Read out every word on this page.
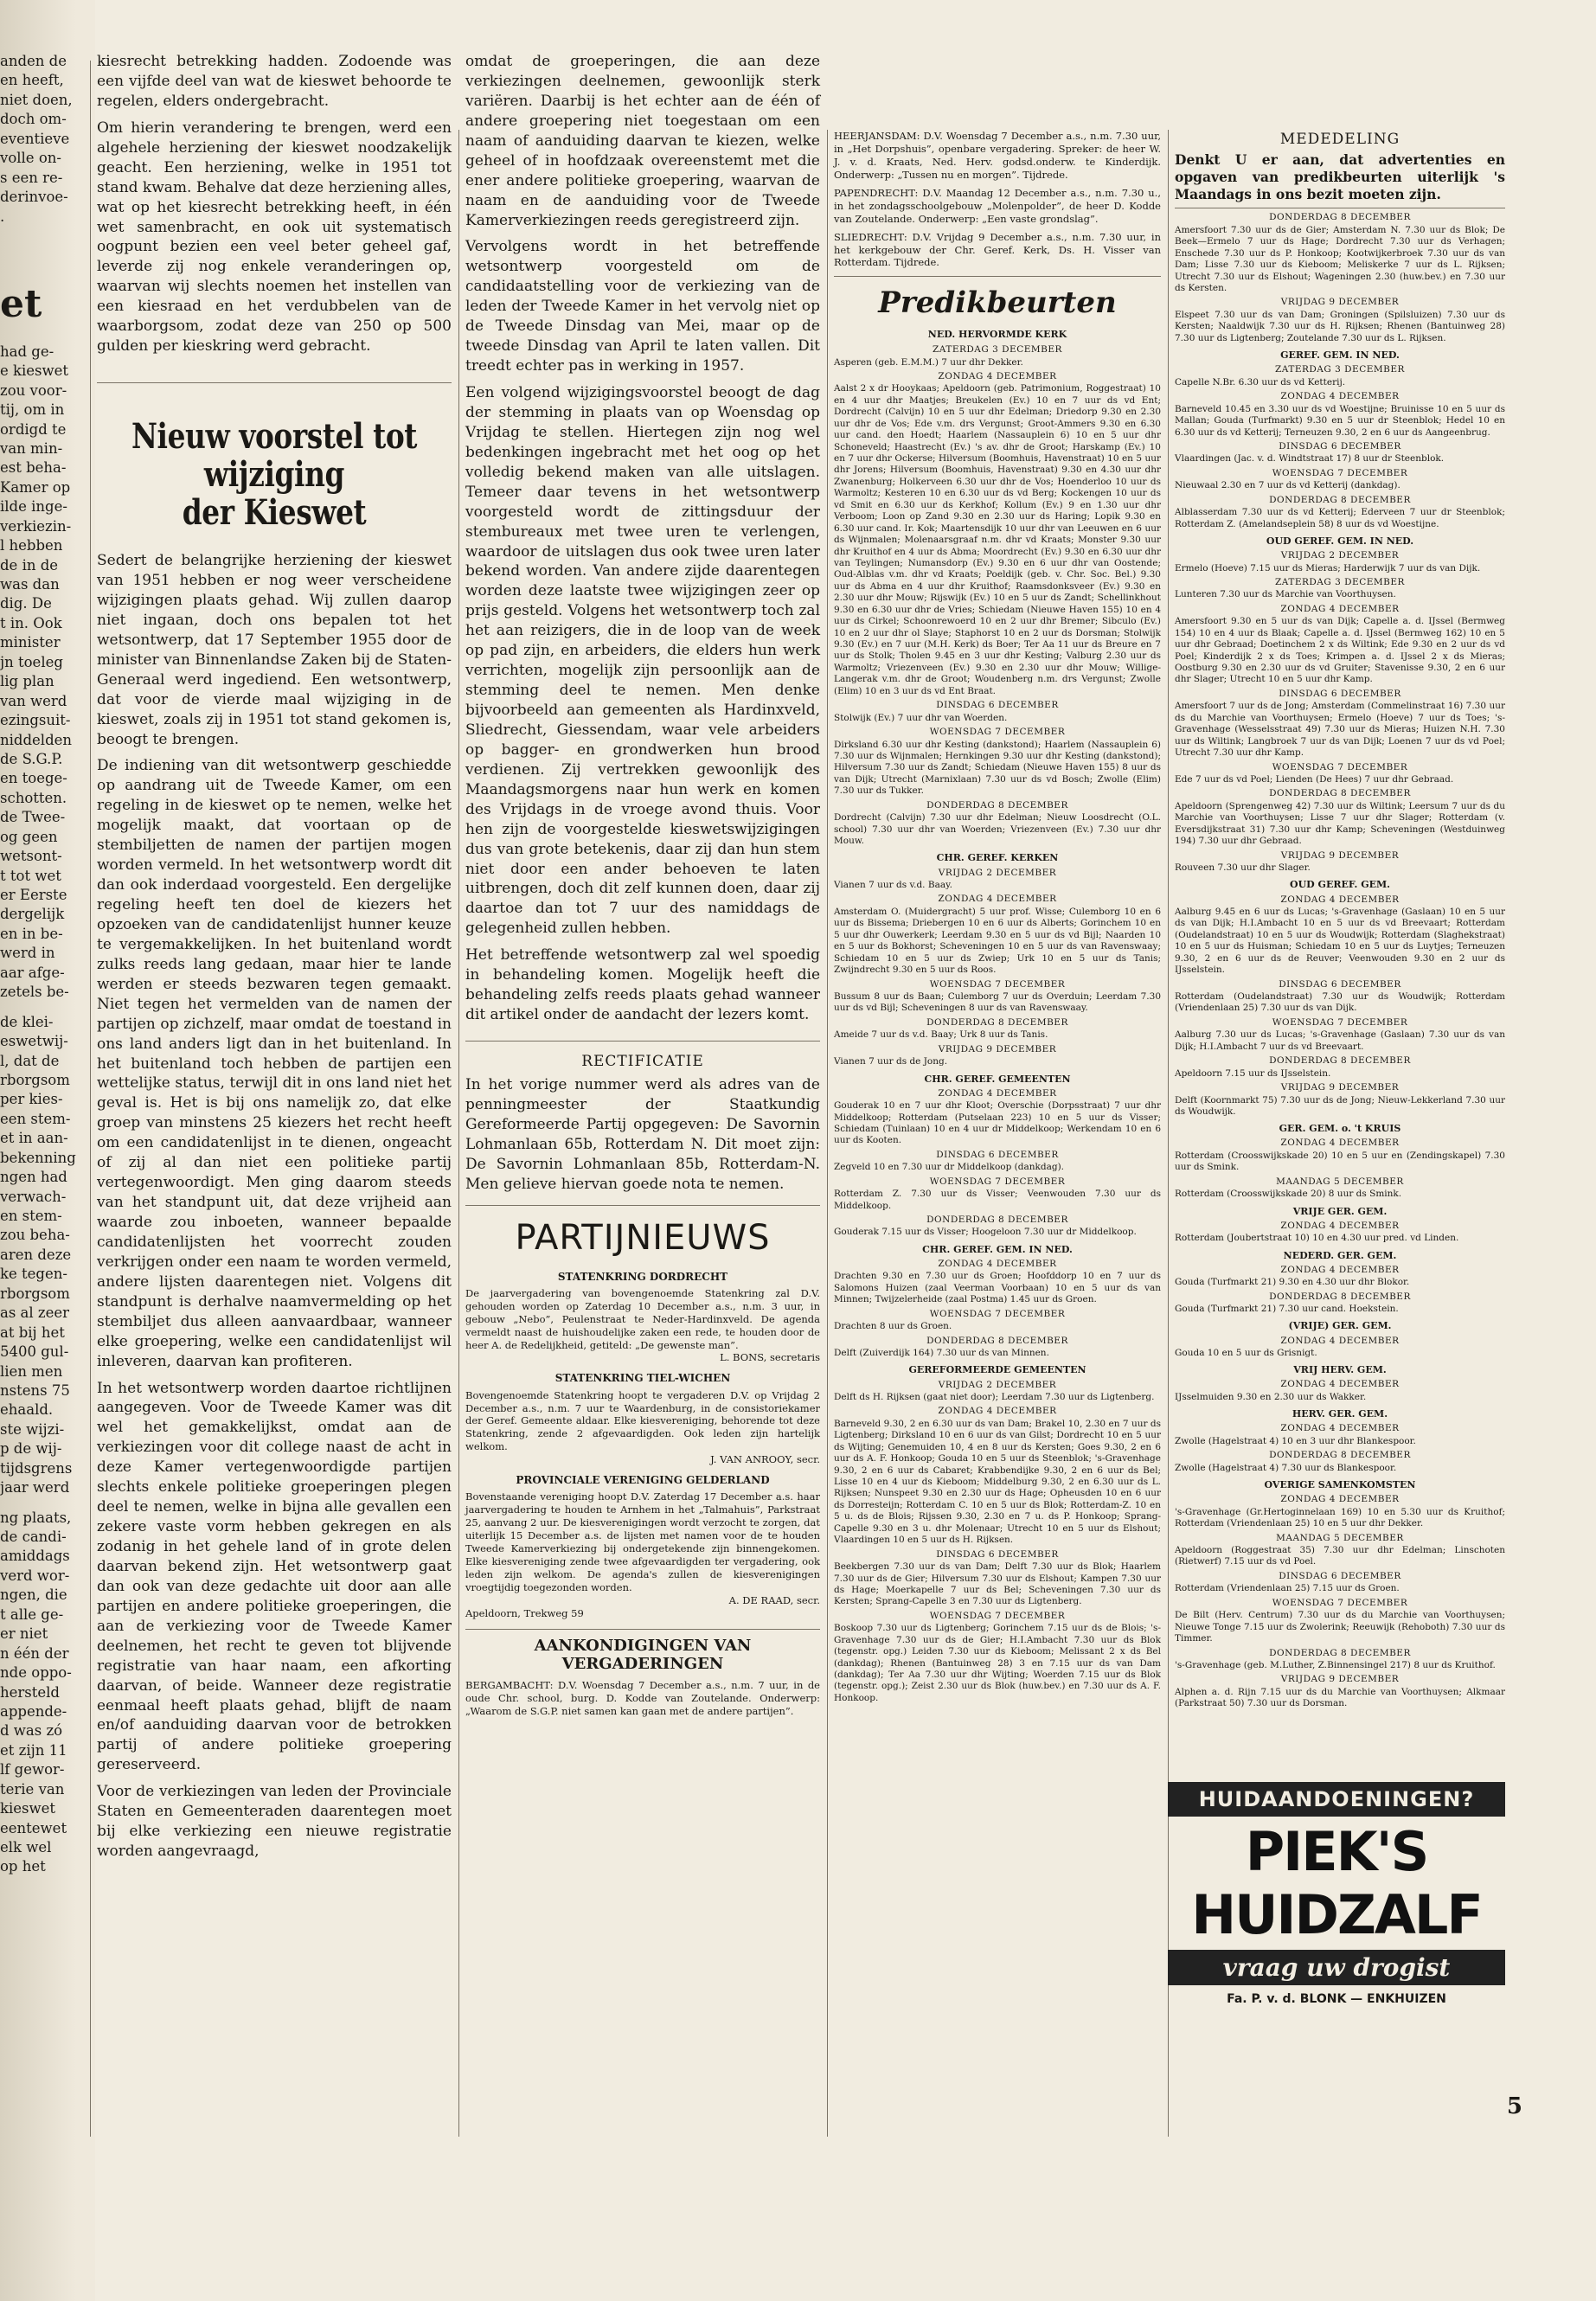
anden de
en heeft,
niet doen,
doch om-
eventieve
volle on-
s een re-
derinvoe-
.
et
had ge-
e kieswet
zou voor-
tij, om in
ordigd te
van min-
est beha-
Kamer op
ilde inge-
verkiezin-
l hebben
de in de
was dan
dig. De
t in. Ook
minister
jn toeleg
lig plan
van werd
ezingsuit-
niddelden
de S.G.P.
en toege-
schotten.
de Twee-
og geen
wetsont-
t tot wet
er Eerste
dergelijk
en in be-
werd in
aar afge-
zetels be-
de klei-
eswetwij-
l, dat de
rborgsom
per kies-
een stem-
et in aan-
bekenning
ngen had
verwach-
en stem-
zou beha-
aren deze
ke tegen-
rborgsom
as al zeer
at bij het
5400 gul-
lien men
nstens 75
ehaald.
ste wijzi-
p de wij-
tijdsgrens
jaar werd
ng plaats,
de candi-
amiddags
verd wor-
ngen, die
t alle ge-
er niet
n één der
nde oppo-
hersteld
appende-
d was zó
et zijn 11
lf gewor-
terie van
kieswet
eentewet
elk wel
op het

kiesrecht betrekking hadden. Zodoende was een vijfde deel van wat de kieswet behoorde te regelen, elders ondergebracht.

Om hierin verandering te brengen, werd een algehele herziening der kieswet noodzakelijk geacht. Een herziening, welke in 1951 tot stand kwam. Behalve dat deze herziening alles, wat op het kiesrecht betrekking heeft, in één wet samenbracht, en ook uit systematisch oogpunt bezien een veel beter geheel gaf, leverde zij nog enkele veranderingen op, waarvan wij slechts noemen het instellen van een kiesraad en het verdubbelen van de waarborgsom, zodat deze van 250 op 500 gulden per kieskring werd gebracht.

Nieuw voorstel tot wijziging
der Kieswet

Sedert de belangrijke herziening der kieswet van 1951 hebben er nog weer verscheidene wijzigingen plaats gehad. Wij zullen daarop niet ingaan, doch ons bepalen tot het wetsontwerp, dat 17 September 1955 door de minister van Binnenlandse Zaken bij de Staten-Generaal werd ingediend. Een wetsontwerp, dat voor de vierde maal wijziging in de kieswet, zoals zij in 1951 tot stand gekomen is, beoogt te brengen.

De indiening van dit wetsontwerp geschiedde op aandrang uit de Tweede Kamer, om een regeling in de kieswet op te nemen, welke het mogelijk maakt, dat voortaan op de stembiljetten de namen der partijen mogen worden vermeld. In het wetsontwerp wordt dit dan ook inderdaad voorgesteld. Een dergelijke regeling heeft ten doel de kiezers het opzoeken van de candidatenlijst hunner keuze te vergemakkelijken. In het buitenland wordt zulks reeds lang gedaan, maar hier te lande werden er steeds bezwaren tegen gemaakt. Niet tegen het vermelden van de namen der partijen op zichzelf, maar omdat de toestand in ons land anders ligt dan in het buitenland. In het buitenland toch hebben de partijen een wettelijke status, terwijl dit in ons land niet het geval is. Het is bij ons namelijk zo, dat elke groep van minstens 25 kiezers het recht heeft om een candidatenlijst in te dienen, ongeacht of zij al dan niet een politieke partij vertegenwoordigt. Men ging daarom steeds van het standpunt uit, dat deze vrijheid aan waarde zou inboeten, wanneer bepaalde candidatenlijsten het voorrecht zouden verkrijgen onder een naam te worden vermeld, andere lijsten daarentegen niet. Volgens dit standpunt is derhalve naamvermelding op het stembiljet dus alleen aanvaardbaar, wanneer elke groepering, welke een candidatenlijst wil inleveren, daarvan kan profiteren.

In het wetsontwerp worden daartoe richtlijnen aangegeven. Voor de Tweede Kamer was dit wel het gemakkelijkst, omdat aan de verkiezingen voor dit college naast de acht in deze Kamer vertegenwoordigde partijen slechts enkele politieke groeperingen plegen deel te nemen, welke in bijna alle gevallen een zekere vaste vorm hebben gekregen en als zodanig in het gehele land of in grote delen daarvan bekend zijn. Het wetsontwerp gaat dan ook van deze gedachte uit door aan alle partijen en andere politieke groeperingen, die aan de verkiezing voor de Tweede Kamer deelnemen, het recht te geven tot blijvende registratie van haar naam, een afkorting daarvan, of beide. Wanneer deze registratie eenmaal heeft plaats gehad, blijft de naam en/of aanduiding daarvan voor de betrokken partij of andere politieke groepering gereserveerd.

Voor de verkiezingen van leden der Provinciale Staten en Gemeenteraden daarentegen moet bij elke verkiezing een nieuwe registratie worden aangevraagd,

omdat de groeperingen, die aan deze verkiezingen deelnemen, gewoonlijk sterk variëren. Daarbij is het echter aan de één of andere groepering niet toegestaan om een naam of aanduiding daarvan te kiezen, welke geheel of in hoofdzaak overeenstemt met die ener andere politieke groepering, waarvan de naam en de aanduiding voor de Tweede Kamerverkiezingen reeds geregistreerd zijn.

Vervolgens wordt in het betreffende wetsontwerp voorgesteld om de candidaatstelling voor de verkiezing van de leden der Tweede Kamer in het vervolg niet op de Tweede Dinsdag van Mei, maar op de tweede Dinsdag van April te laten vallen. Dit treedt echter pas in werking in 1957.

Een volgend wijzigingsvoorstel beoogt de dag der stemming in plaats van op Woensdag op Vrijdag te stellen. Hiertegen zijn nog wel bedenkingen ingebracht met het oog op het volledig bekend maken van alle uitslagen. Temeer daar tevens in het wetsontwerp voorgesteld wordt de zittingsduur der stembureaux met twee uren te verlengen, waardoor de uitslagen dus ook twee uren later bekend worden. Van andere zijde daarentegen worden deze laatste twee wijzigingen zeer op prijs gesteld. Volgens het wetsontwerp toch zal het aan reizigers, die in de loop van de week op pad zijn, en arbeiders, die elders hun werk verrichten, mogelijk zijn persoonlijk aan de stemming deel te nemen. Men denke bijvoorbeeld aan gemeenten als Hardinxveld, Sliedrecht, Giessendam, waar vele arbeiders op bagger- en grondwerken hun brood verdienen. Zij vertrekken gewoonlijk des Maandagsmorgens naar hun werk en komen des Vrijdags in de vroege avond thuis. Voor hen zijn de voorgestelde kieswetswijzigingen dus van grote betekenis, daar zij dan hun stem niet door een ander behoeven te laten uitbrengen, doch dit zelf kunnen doen, daar zij daartoe dan tot 7 uur des namiddags de gelegenheid zullen hebben.

Het betreffende wetsontwerp zal wel spoedig in behandeling komen. Mogelijk heeft die behandeling zelfs reeds plaats gehad wanneer dit artikel onder de aandacht der lezers komt.

RECTIFICATIE

In het vorige nummer werd als adres van de penningmeester der Staatkundig Gereformeerde Partij opgegeven: De Savornin Lohmanlaan 65b, Rotterdam N. Dit moet zijn: De Savornin Lohmanlaan 85b, Rotterdam-N. Men gelieve hiervan goede nota te nemen.

PARTIJNIEUWS
STATENKRING DORDRECHT

De jaarvergadering van bovengenoemde Statenkring zal D.V. gehouden worden op Zaterdag 10 December a.s., n.m. 3 uur, in gebouw „Nebo”, Peulenstraat te Neder-Hardinxveld. De agenda vermeldt naast de huishoudelijke zaken een rede, te houden door de heer A. de Redelijkheid, getiteld: „De gewenste man”.

L. BONS, secretaris
STATENKRING TIEL-WICHEN

Bovengenoemde Statenkring hoopt te vergaderen D.V. op Vrijdag 2 December a.s., n.m. 7 uur te Waardenburg, in de consistoriekamer der Geref. Gemeente aldaar. Elke kiesvereniging, behorende tot deze Statenkring, zende 2 afgevaardigden. Ook leden zijn hartelijk welkom.

J. VAN ANROOY, secr.
PROVINCIALE VERENIGING GELDERLAND

Bovenstaande vereniging hoopt D.V. Zaterdag 17 December a.s. haar jaarvergadering te houden te Arnhem in het „Talmahuis”, Parkstraat 25, aanvang 2 uur. De kiesverenigingen wordt verzocht te zorgen, dat uiterlijk 15 December a.s. de lijsten met namen voor de te houden Tweede Kamerverkiezing bij ondergetekende zijn binnengekomen. Elke kiesvereniging zende twee afgevaardigden ter vergadering, ook leden zijn welkom. De agenda's zullen de kiesverenigingen vroegtijdig toegezonden worden.

A. DE RAAD, secr.
Apeldoorn, Trekweg 59
AANKONDIGINGEN VAN VERGADERINGEN

BERGAMBACHT: D.V. Woensdag 7 December a.s., n.m. 7 uur, in de oude Chr. school, burg. D. Kodde van Zoutelande. Onderwerp: „Waarom de S.G.P. niet samen kan gaan met de andere partijen”.

HEERJANSDAM: D.V. Woensdag 7 December a.s., n.m. 7.30 uur, in „Het Dorpshuis”, openbare vergadering. Spreker: de heer W. J. v. d. Kraats, Ned. Herv. godsd.onderw. te Kinderdijk. Onderwerp: „Tussen nu en morgen”. Tijdrede.

PAPENDRECHT: D.V. Maandag 12 December a.s., n.m. 7.30 u., in het zondagsschoolgebouw „Molenpolder”, de heer D. Kodde van Zoutelande. Onderwerp: „Een vaste grondslag”.

SLIEDRECHT: D.V. Vrijdag 9 December a.s., n.m. 7.30 uur, in het kerkgebouw der Chr. Geref. Kerk, Ds. H. Visser van Rotterdam. Tijdrede.

Predikbeurten
NED. HERVORMDE KERK
ZATERDAG 3 DECEMBER
Asperen (geb. E.M.M.) 7 uur dhr Dekker.
ZONDAG 4 DECEMBER
Aalst 2 x dr Hooykaas; Apeldoorn (geb. Patrimonium, Roggestraat) 10 en 4 uur dhr Maatjes; Breukelen (Ev.) 10 en 7 uur ds vd Ent; Dordrecht (Calvijn) 10 en 5 uur dhr Edelman; Driedorp 9.30 en 2.30 uur dhr de Vos; Ede v.m. drs Vergunst; Groot-Ammers 9.30 en 6.30 uur cand. den Hoedt; Haarlem (Nassauplein 6) 10 en 5 uur dhr Schoneveld; Haastrecht (Ev.) 's av. dhr de Groot; Harskamp (Ev.) 10 en 7 uur dhr Ockerse; Hilversum (Boomhuis, Havenstraat) 10 en 5 uur dhr Jorens; Hilversum (Boomhuis, Havenstraat) 9.30 en 4.30 uur dhr Zwanenburg; Holkerveen 6.30 uur dhr de Vos; Hoenderloo 10 uur ds Warmoltz; Kesteren 10 en 6.30 uur ds vd Berg; Kockengen 10 uur ds vd Smit en 6.30 uur ds Kerkhof; Kollum (Ev.) 9 en 1.30 uur dhr Verboom; Loon op Zand 9.30 en 2.30 uur ds Haring; Lopik 9.30 en 6.30 uur cand. Ir. Kok; Maartensdijk 10 uur dhr van Leeuwen en 6 uur ds Wijnmalen; Molenaarsgraaf n.m. dhr vd Kraats; Monster 9.30 uur dhr Kruithof en 4 uur ds Abma; Moordrecht (Ev.) 9.30 en 6.30 uur dhr van Teylingen; Numansdorp (Ev.) 9.30 en 6 uur dhr van Oostende; Oud-Alblas v.m. dhr vd Kraats; Poeldijk (geb. v. Chr. Soc. Bel.) 9.30 uur ds Abma en 4 uur dhr Kruithof; Raamsdonksveer (Ev.) 9.30 en 2.30 uur dhr Mouw; Rijswijk (Ev.) 10 en 5 uur ds Zandt; Schellinkhout 9.30 en 6.30 uur dhr de Vries; Schiedam (Nieuwe Haven 155) 10 en 4 uur ds Cirkel; Schoonrewoerd 10 en 2 uur dhr Bremer; Sibculo (Ev.) 10 en 2 uur dhr ol Slaye; Staphorst 10 en 2 uur ds Dorsman; Stolwijk 9.30 (Ev.) en 7 uur (M.H. Kerk) ds Boer; Ter Aa 11 uur ds Breure en 7 uur ds Stolk; Tholen 9.45 en 3 uur dhr Kesting; Valburg 2.30 uur ds Warmoltz; Vriezenveen (Ev.) 9.30 en 2.30 uur dhr Mouw; Willige-Langerak v.m. dhr de Groot; Woudenberg n.m. drs Vergunst; Zwolle (Elim) 10 en 3 uur ds vd Ent Braat.
DINSDAG 6 DECEMBER
Stolwijk (Ev.) 7 uur dhr van Woerden.
WOENSDAG 7 DECEMBER
Dirksland 6.30 uur dhr Kesting (dankstond); Haarlem (Nassauplein 6) 7.30 uur ds Wijnmalen; Hernkingen 9.30 uur dhr Kesting (dankstond); Hilversum 7.30 uur ds Zandt; Schiedam (Nieuwe Haven 155) 8 uur ds van Dijk; Utrecht (Marnixlaan) 7.30 uur ds vd Bosch; Zwolle (Elim) 7.30 uur ds Tukker.
DONDERDAG 8 DECEMBER
Dordrecht (Calvijn) 7.30 uur dhr Edelman; Nieuw Loosdrecht (O.L. school) 7.30 uur dhr van Woerden; Vriezenveen (Ev.) 7.30 uur dhr Mouw.
CHR. GEREF. KERKEN
VRIJDAG 2 DECEMBER
Vianen 7 uur ds v.d. Baay.
ZONDAG 4 DECEMBER
Amsterdam O. (Muidergracht) 5 uur prof. Wisse; Culemborg 10 en 6 uur ds Bissema; Driebergen 10 en 6 uur ds Alberts; Gorinchem 10 en 5 uur dhr Ouwerkerk; Leerdam 9.30 en 5 uur ds vd Bijl; Naarden 10 en 5 uur ds Bokhorst; Scheveningen 10 en 5 uur ds van Ravenswaay; Schiedam 10 en 5 uur ds Zwiep; Urk 10 en 5 uur ds Tanis; Zwijndrecht 9.30 en 5 uur ds Roos.
WOENSDAG 7 DECEMBER
Bussum 8 uur ds Baan; Culemborg 7 uur ds Overduin; Leerdam 7.30 uur ds vd Bijl; Scheveningen 8 uur ds van Ravenswaay.
DONDERDAG 8 DECEMBER
Ameide 7 uur ds v.d. Baay; Urk 8 uur ds Tanis.
VRIJDAG 9 DECEMBER
Vianen 7 uur ds de Jong.
CHR. GEREF. GEMEENTEN
ZONDAG 4 DECEMBER
Gouderak 10 en 7 uur dhr Kloot; Overschie (Dorpsstraat) 7 uur dhr Middelkoop; Rotterdam (Putselaan 223) 10 en 5 uur ds Visser; Schiedam (Tuinlaan) 10 en 4 uur dr Middelkoop; Werkendam 10 en 6 uur ds Kooten.
DINSDAG 6 DECEMBER
Zegveld 10 en 7.30 uur dr Middelkoop (dankdag).
WOENSDAG 7 DECEMBER
Rotterdam Z. 7.30 uur ds Visser; Veenwouden 7.30 uur ds Middelkoop.
DONDERDAG 8 DECEMBER
Gouderak 7.15 uur ds Visser; Hoogeloon 7.30 uur dr Middelkoop.
CHR. GEREF. GEM. IN NED.
ZONDAG 4 DECEMBER
Drachten 9.30 en 7.30 uur ds Groen; Hoofddorp 10 en 7 uur ds Salomons Huizen (zaal Veerman Voorbaan) 10 en 5 uur ds van Minnen; Twijzelerheide (zaal Postma) 1.45 uur ds Groen.
WOENSDAG 7 DECEMBER
Drachten 8 uur ds Groen.
DONDERDAG 8 DECEMBER
Delft (Zuiverdijk 164) 7.30 uur ds van Minnen.
GEREFORMEERDE GEMEENTEN
VRIJDAG 2 DECEMBER
Delft ds H. Rijksen (gaat niet door); Leerdam 7.30 uur ds Ligtenberg.
ZONDAG 4 DECEMBER
Barneveld 9.30, 2 en 6.30 uur ds van Dam; Brakel 10, 2.30 en 7 uur ds Ligtenberg; Dirksland 10 en 6 uur ds van Gilst; Dordrecht 10 en 5 uur ds Wijting; Genemuiden 10, 4 en 8 uur ds Kersten; Goes 9.30, 2 en 6 uur ds A. F. Honkoop; Gouda 10 en 5 uur ds Steenblok; 's-Gravenhage 9.30, 2 en 6 uur ds Cabaret; Krabbendijke 9.30, 2 en 6 uur ds Bel; Lisse 10 en 4 uur ds Kieboom; Middelburg 9.30, 2 en 6.30 uur ds L. Rijksen; Nunspeet 9.30 en 2.30 uur ds Hage; Opheusden 10 en 6 uur ds Dorresteijn; Rotterdam C. 10 en 5 uur ds Blok; Rotterdam-Z. 10 en 5 u. ds de Blois; Rijssen 9.30, 2.30 en 7 u. ds P. Honkoop; Sprang-Capelle 9.30 en 3 u. dhr Molenaar; Utrecht 10 en 5 uur ds Elshout; Vlaardingen 10 en 5 uur ds H. Rijksen.
DINSDAG 6 DECEMBER
Beekbergen 7.30 uur ds van Dam; Delft 7.30 uur ds Blok; Haarlem 7.30 uur ds de Gier; Hilversum 7.30 uur ds Elshout; Kampen 7.30 uur ds Hage; Moerkapelle 7 uur ds Bel; Scheveningen 7.30 uur ds Kersten; Sprang-Capelle 3 en 7.30 uur ds Ligtenberg.
WOENSDAG 7 DECEMBER
Boskoop 7.30 uur ds Ligtenberg; Gorinchem 7.15 uur ds de Blois; 's-Gravenhage 7.30 uur ds de Gier; H.I.Ambacht 7.30 uur ds Blok (tegenstr. opg.) Leiden 7.30 uur ds Kieboom; Melissant 2 x ds Bel (dankdag); Rhenen (Bantuinweg 28) 3 en 7.15 uur ds van Dam (dankdag); Ter Aa 7.30 uur dhr Wijting; Woerden 7.15 uur ds Blok (tegenstr. opg.); Zeist 2.30 uur ds Blok (huw.bev.) en 7.30 uur ds A. F. Honkoop.
MEDEDELING
Denkt U er aan, dat advertenties en opgaven van predikbeurten uiterlijk 's Maandags in ons bezit moeten zijn.
DONDERDAG 8 DECEMBER
Amersfoort 7.30 uur ds de Gier; Amsterdam N. 7.30 uur ds Blok; De Beek—Ermelo 7 uur ds Hage; Dordrecht 7.30 uur ds Verhagen; Enschede 7.30 uur ds P. Honkoop; Kootwijkerbroek 7.30 uur ds van Dam; Lisse 7.30 uur ds Kieboom; Meliskerke 7 uur ds L. Rijksen; Utrecht 7.30 uur ds Elshout; Wageningen 2.30 (huw.bev.) en 7.30 uur ds Kersten.
VRIJDAG 9 DECEMBER
Elspeet 7.30 uur ds van Dam; Groningen (Spilsluizen) 7.30 uur ds Kersten; Naaldwijk 7.30 uur ds H. Rijksen; Rhenen (Bantuinweg 28) 7.30 uur ds Ligtenberg; Zoutelande 7.30 uur ds L. Rijksen.
GEREF. GEM. IN NED.
ZATERDAG 3 DECEMBER
Capelle N.Br. 6.30 uur ds vd Ketterij.
ZONDAG 4 DECEMBER
Barneveld 10.45 en 3.30 uur ds vd Woestijne; Bruinisse 10 en 5 uur ds Mallan; Gouda (Turfmarkt) 9.30 en 5 uur dr Steenblok; Hedel 10 en 6.30 uur ds vd Ketterij; Terneuzen 9.30, 2 en 6 uur ds Aangeenbrug.
DINSDAG 6 DECEMBER
Vlaardingen (Jac. v. d. Windtstraat 17) 8 uur dr Steenblok.
WOENSDAG 7 DECEMBER
Nieuwaal 2.30 en 7 uur ds vd Ketterij (dankdag).
DONDERDAG 8 DECEMBER
Alblasserdam 7.30 uur ds vd Ketterij; Ederveen 7 uur dr Steenblok; Rotterdam Z. (Amelandseplein 58) 8 uur ds vd Woestijne.
OUD GEREF. GEM. IN NED.
VRIJDAG 2 DECEMBER
Ermelo (Hoeve) 7.15 uur ds Mieras; Harderwijk 7 uur ds van Dijk.
ZATERDAG 3 DECEMBER
Lunteren 7.30 uur ds Marchie van Voorthuysen.
ZONDAG 4 DECEMBER
Amersfoort 9.30 en 5 uur ds van Dijk; Capelle a. d. IJssel (Bermweg 154) 10 en 4 uur ds Blaak; Capelle a. d. IJssel (Bermweg 162) 10 en 5 uur dhr Gebraad; Doetinchem 2 x ds Wiltink; Ede 9.30 en 2 uur ds vd Poel; Kinderdijk 2 x ds Toes; Krimpen a. d. IJssel 2 x ds Mieras; Oostburg 9.30 en 2.30 uur ds vd Gruiter; Stavenisse 9.30, 2 en 6 uur dhr Slager; Utrecht 10 en 5 uur dhr Kamp.
DINSDAG 6 DECEMBER
Amersfoort 7 uur ds de Jong; Amsterdam (Commelinstraat 16) 7.30 uur ds du Marchie van Voorthuysen; Ermelo (Hoeve) 7 uur ds Toes; 's-Gravenhage (Wesselsstraat 49) 7.30 uur ds Mieras; Huizen N.H. 7.30 uur ds Wiltink; Langbroek 7 uur ds van Dijk; Loenen 7 uur ds vd Poel; Utrecht 7.30 uur dhr Kamp.
WOENSDAG 7 DECEMBER
Ede 7 uur ds vd Poel; Lienden (De Hees) 7 uur dhr Gebraad.
DONDERDAG 8 DECEMBER
Apeldoorn (Sprengenweg 42) 7.30 uur ds Wiltink; Leersum 7 uur ds du Marchie van Voorthuysen; Lisse 7 uur dhr Slager; Rotterdam (v. Eversdijkstraat 31) 7.30 uur dhr Kamp; Scheveningen (Westduinweg 194) 7.30 uur dhr Gebraad.
VRIJDAG 9 DECEMBER
Rouveen 7.30 uur dhr Slager.
OUD GEREF. GEM.
ZONDAG 4 DECEMBER
Aalburg 9.45 en 6 uur ds Lucas; 's-Gravenhage (Gaslaan) 10 en 5 uur ds van Dijk; H.I.Ambacht 10 en 5 uur ds vd Breevaart; Rotterdam (Oudelandstraat) 10 en 5 uur ds Woudwijk; Rotterdam (Slaghekstraat) 10 en 5 uur ds Huisman; Schiedam 10 en 5 uur ds Luytjes; Terneuzen 9.30, 2 en 6 uur ds de Reuver; Veenwouden 9.30 en 2 uur ds IJsselstein.
DINSDAG 6 DECEMBER
Rotterdam (Oudelandstraat) 7.30 uur ds Woudwijk; Rotterdam (Vriendenlaan 25) 7.30 uur ds van Dijk.
WOENSDAG 7 DECEMBER
Aalburg 7.30 uur ds Lucas; 's-Gravenhage (Gaslaan) 7.30 uur ds van Dijk; H.I.Ambacht 7 uur ds vd Breevaart.
DONDERDAG 8 DECEMBER
Apeldoorn 7.15 uur ds IJsselstein.
VRIJDAG 9 DECEMBER
Delft (Koornmarkt 75) 7.30 uur ds de Jong; Nieuw-Lekkerland 7.30 uur ds Woudwijk.
GER. GEM. o. 't KRUIS
ZONDAG 4 DECEMBER
Rotterdam (Croosswijkskade 20) 10 en 5 uur en (Zendingskapel) 7.30 uur ds Smink.
MAANDAG 5 DECEMBER
Rotterdam (Croosswijkskade 20) 8 uur ds Smink.
VRIJE GER. GEM.
ZONDAG 4 DECEMBER
Rotterdam (Joubertstraat 10) 10 en 4.30 uur pred. vd Linden.
NEDERD. GER. GEM.
ZONDAG 4 DECEMBER
Gouda (Turfmarkt 21) 9.30 en 4.30 uur dhr Blokor.
DONDERDAG 8 DECEMBER
Gouda (Turfmarkt 21) 7.30 uur cand. Hoekstein.
(VRIJE) GER. GEM.
ZONDAG 4 DECEMBER
Gouda 10 en 5 uur ds Grisnigt.
VRIJ HERV. GEM.
ZONDAG 4 DECEMBER
IJsselmuiden 9.30 en 2.30 uur ds Wakker.
HERV. GER. GEM.
ZONDAG 4 DECEMBER
Zwolle (Hagelstraat 4) 10 en 3 uur dhr Blankespoor.
DONDERDAG 8 DECEMBER
Zwolle (Hagelstraat 4) 7.30 uur ds Blankespoor.
OVERIGE SAMENKOMSTEN
ZONDAG 4 DECEMBER
's-Gravenhage (Gr.Hertoginnelaan 169) 10 en 5.30 uur ds Kruithof; Rotterdam (Vriendenlaan 25) 10 en 5 uur dhr Dekker.
MAANDAG 5 DECEMBER
Apeldoorn (Roggestraat 35) 7.30 uur dhr Edelman; Linschoten (Rietwerf) 7.15 uur ds vd Poel.
DINSDAG 6 DECEMBER
Rotterdam (Vriendenlaan 25) 7.15 uur ds Groen.
WOENSDAG 7 DECEMBER
De Bilt (Herv. Centrum) 7.30 uur ds du Marchie van Voorthuysen; Nieuwe Tonge 7.15 uur ds Zwolerink; Reeuwijk (Rehoboth) 7.30 uur ds Timmer.
DONDERDAG 8 DECEMBER
's-Gravenhage (geb. M.Luther, Z.Binnensingel 217) 8 uur ds Kruithof.
VRIJDAG 9 DECEMBER
Alphen a. d. Rijn 7.15 uur ds du Marchie van Voorthuysen; Alkmaar (Parkstraat 50) 7.30 uur ds Dorsman.
HUIDAANDOENINGEN?
PIEK'S HUIDZALF
vraag uw drogist
Fa. P. v. d. BLONK — ENKHUIZEN
5
